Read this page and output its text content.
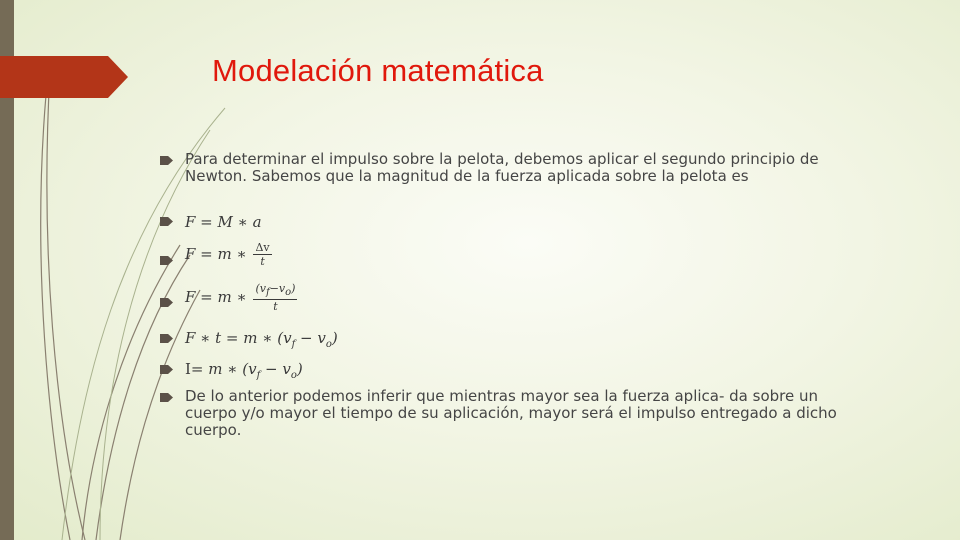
Modelación matemática
Para determinar el impulso sobre la pelota, debemos aplicar el segundo principio de Newton. Sabemos que la magnitud de la fuerza aplicada sobre la pelota es
F = M ∗ a
F = m ∗ $\frac{\Delta v}{t}$
F = m ∗ $\frac{(v_f-v_o)}{t}$
F ∗ t = m ∗ $(v_f - v_o)$
I= m ∗ $(v_f - v_o)$
De lo anterior podemos inferir que mientras mayor sea la fuerza aplica- da sobre un cuerpo y/o mayor el tiempo de su aplicación, mayor será el impulso entregado a dicho cuerpo.
